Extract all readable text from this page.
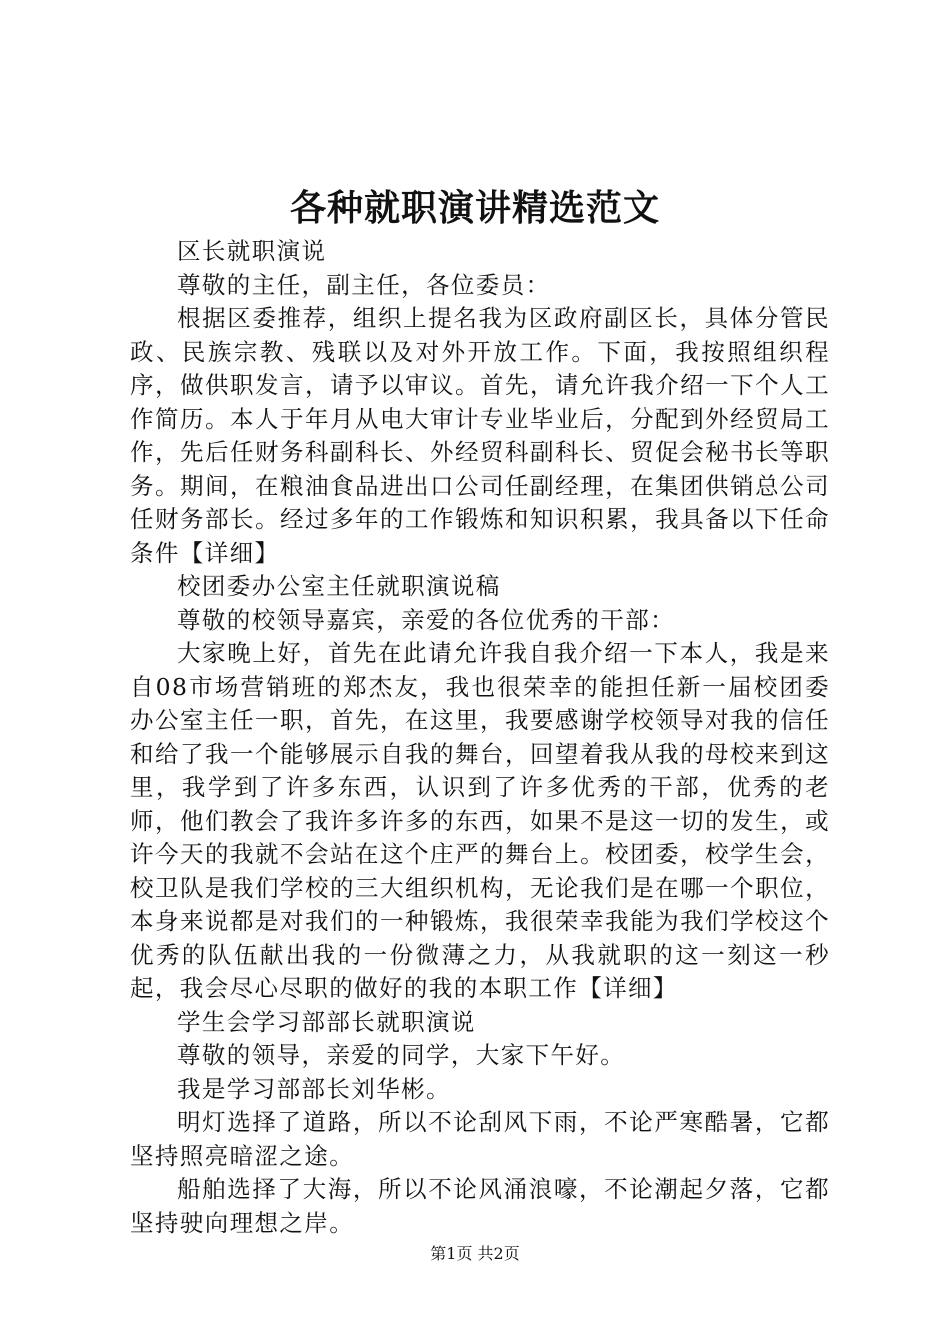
各种就职演讲精选范文

区长就职演说

尊敬的主任，副主任，各位委员：

根据区委推荐，组织上提名我为区政府副区长，具体分管民政、民族宗教、残联以及对外开放工作。下面，我按照组织程序，做供职发言，请予以审议。首先，请允许我介绍一下个人工作简历。本人于年月从电大审计专业毕业后，分配到外经贸局工作，先后任财务科副科长、外经贸科副科长、贸促会秘书长等职务。期间，在粮油食品进出口公司任副经理，在集团供销总公司任财务部长。经过多年的工作锻炼和知识积累，我具备以下任命条件【详细】

校团委办公室主任就职演说稿

尊敬的校领导嘉宾，亲爱的各位优秀的干部：

大家晚上好，首先在此请允许我自我介绍一下本人，我是来自08市场营销班的郑杰友，我也很荣幸的能担任新一届校团委办公室主任一职，首先，在这里，我要感谢学校领导对我的信任和给了我一个能够展示自我的舞台，回望着我从我的母校来到这里，我学到了许多东西，认识到了许多优秀的干部，优秀的老师，他们教会了我许多许多的东西，如果不是这一切的发生，或许今天的我就不会站在这个庄严的舞台上。校团委，校学生会，校卫队是我们学校的三大组织机构，无论我们是在哪一个职位，本身来说都是对我们的一种锻炼，我很荣幸我能为我们学校这个优秀的队伍献出我的一份微薄之力，从我就职的这一刻这一秒起，我会尽心尽职的做好的我的本职工作【详细】

学生会学习部部长就职演说

尊敬的领导，亲爱的同学，大家下午好。

我是学习部部长刘华彬。

明灯选择了道路，所以不论刮风下雨，不论严寒酷暑，它都坚持照亮暗涩之途。

船舶选择了大海，所以不论风涌浪嚎，不论潮起夕落，它都坚持驶向理想之岸。

第1页 共2页
